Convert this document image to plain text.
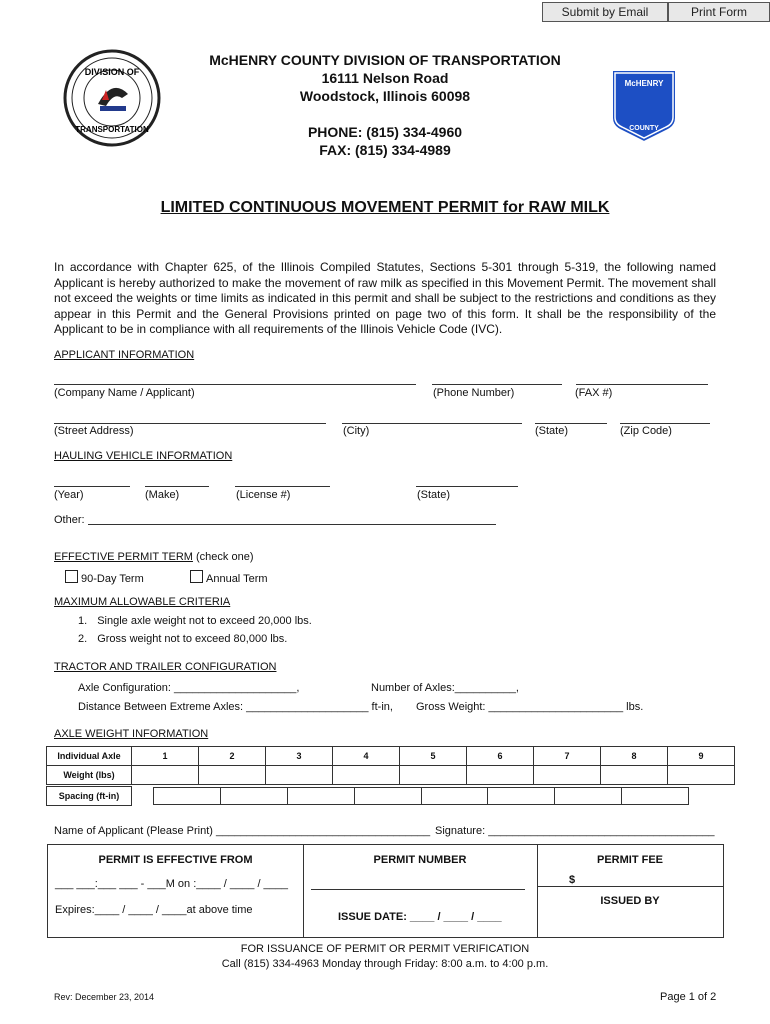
Submit by Email	Print Form
DIVISION OF
TRANSPORTATION
McHENRY
COUNTY
McHENRY COUNTY DIVISION OF TRANSPORTATION
16111 Nelson Road
Woodstock, Illinois 60098
PHONE: (815) 334-4960
FAX: (815) 334-4989
LIMITED CONTINUOUS MOVEMENT PERMIT for RAW MILK
In accordance with Chapter 625, of the Illinois Compiled Statutes, Sections 5-301 through 5-319, the following named Applicant is hereby authorized to make the movement of raw milk as specified in this Movement Permit. The movement shall not exceed the weights or time limits as indicated in this permit and shall be subject to the restrictions and conditions as they appear in this Permit and the General Provisions printed on page two of this form. It shall be the responsibility of the Applicant to be in compliance with all requirements of the Illinois Vehicle Code (IVC).
APPLICANT INFORMATION
(Company Name / Applicant)	(Phone Number)	(FAX #)
(Street Address)	(City)	(State)	(Zip Code)
HAULING VEHICLE INFORMATION
(Year)	(Make)	(License #)	(State)
Other:
EFFECTIVE PERMIT TERM (check one)
90-Day Term	Annual Term
MAXIMUM ALLOWABLE CRITERIA
1. Single axle weight not to exceed 20,000 lbs.
2. Gross weight not to exceed 80,000 lbs.
TRACTOR AND TRAILER CONFIGURATION
Axle Configuration: ____________________,	Number of Axles:__________,
Distance Between Extreme Axles: ____________________ ft-in, Gross Weight: ______________________ lbs.
AXLE WEIGHT INFORMATION
Individual Axle	1	2	3	4	5	6	7	8	9
Weight (lbs)									
Spacing (ft-in)
Name of Applicant (Please Print) ___________________________________ Signature: _____________________________________
PERMIT IS EFFECTIVE FROM
___ ___:___ ___ - ___M on :____ / ____ / ____
Expires:____ / ____ / ____at above time
PERMIT NUMBER
ISSUE DATE: ____ / ____ / ____
PERMIT FEE
$
ISSUED BY
FOR ISSUANCE OF PERMIT OR PERMIT VERIFICATION
Call (815) 334-4963 Monday through Friday: 8:00 a.m. to 4:00 p.m.
Rev: December 23, 2014	Page 1 of 2
